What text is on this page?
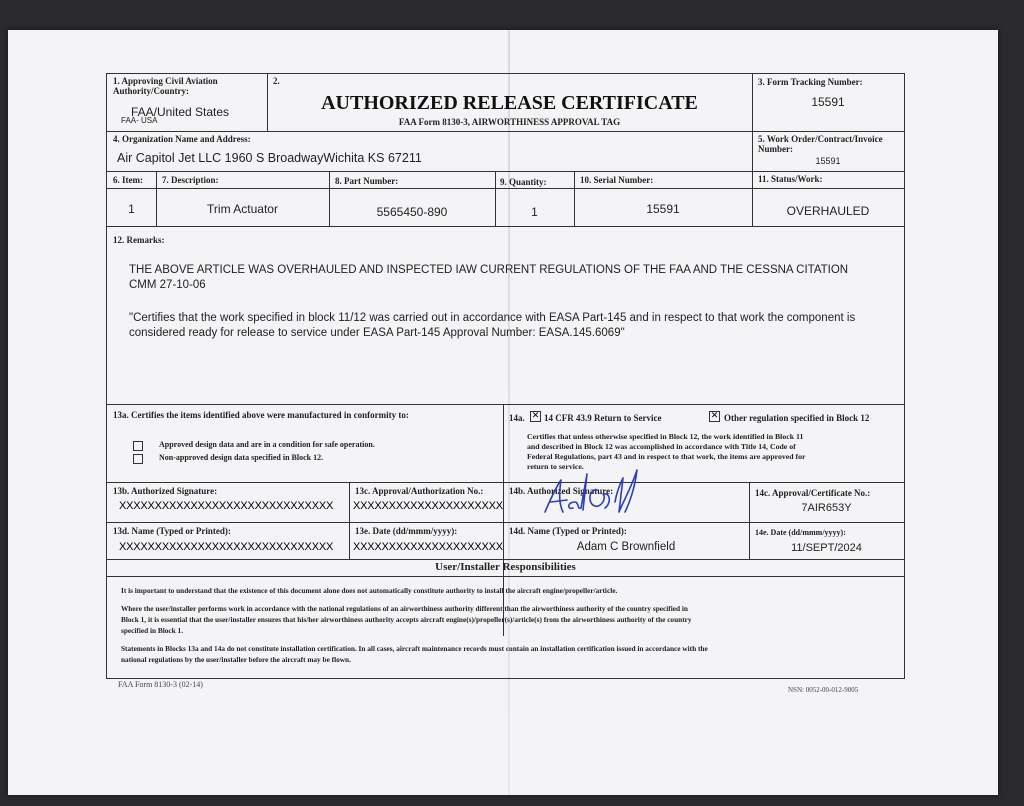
1. Approving Civil Aviation Authority/Country:
FAA/United States
FAA- USA
2.
AUTHORIZED RELEASE CERTIFICATE
FAA Form 8130-3, AIRWORTHINESS APPROVAL TAG
3. Form Tracking Number:
15591
4. Organization Name and Address:
Air Capitol Jet LLC 1960 S BroadwayWichita KS 67211
5. Work Order/Contract/Invoice Number:
15591
6. Item: 7. Description:	8. Part Number:	9. Quantity:	10. Serial Number:	11. Status/Work:
1	Trim Actuator	5565450-890	1	15591	OVERHAULED
12. Remarks:
THE ABOVE ARTICLE WAS OVERHAULED AND INSPECTED IAW CURRENT REGULATIONS OF THE FAA AND THE CESSNA CITATION
CMM 27-10-06
"Certifies that the work specified in block 11/12 was carried out in accordance with EASA Part-145 and in respect to that work the component is
considered ready for release to service under EASA Part-145 Approval Number: EASA.145.6069"
13a. Certifies the items identified above were manufactured in conformity to:
Approved design data and are in a condition for safe operation.
Non-approved design data specified in Block 12.
14a. ✕ 14 CFR 43.9 Return to Service	✕ Other regulation specified in Block 12
Certifies that unless otherwise specified in Block 12, the work identified in Block 11
and described in Block 12 was accomplished in accordance with Title 14, Code of
Federal Regulations, part 43 and in respect to that work, the items are approved for
return to service.
13b. Authorized Signature:
XXXXXXXXXXXXXXXXXXXXXXXXXXXXXX
13c. Approval/Authorization No.:
XXXXXXXXXXXXXXXXXXXXX
14b. Authorized Signature:	14c. Approval/Certificate No.:
7AIR653Y
13d. Name (Typed or Printed):
XXXXXXXXXXXXXXXXXXXXXXXXXXXXXX
13e. Date (dd/mmm/yyyy):
XXXXXXXXXXXXXXXXXXXXX
14d. Name (Typed or Printed):
Adam C Brownfield
14e. Date (dd/mmm/yyyy):
11/SEPT/2024
User/Installer Responsibilities
It is important to understand that the existence of this document alone does not automatically constitute authority to install the aircraft engine/propeller/article.
Where the user/installer performs work in accordance with the national regulations of an airworthiness authority different than the airworthiness authority of the country specified in
Block 1, it is essential that the user/installer ensures that his/her airworthiness authority accepts aircraft engine(s)/propeller(s)/article(s) from the airworthiness authority of the country
specified in Block 1.
Statements in Blocks 13a and 14a do not constitute installation certification. In all cases, aircraft maintenance records must contain an installation certification issued in accordance with the
national regulations by the user/installer before the aircraft may be flown.
FAA Form 8130-3 (02-14)
NSN: 0052-00-012-9005
